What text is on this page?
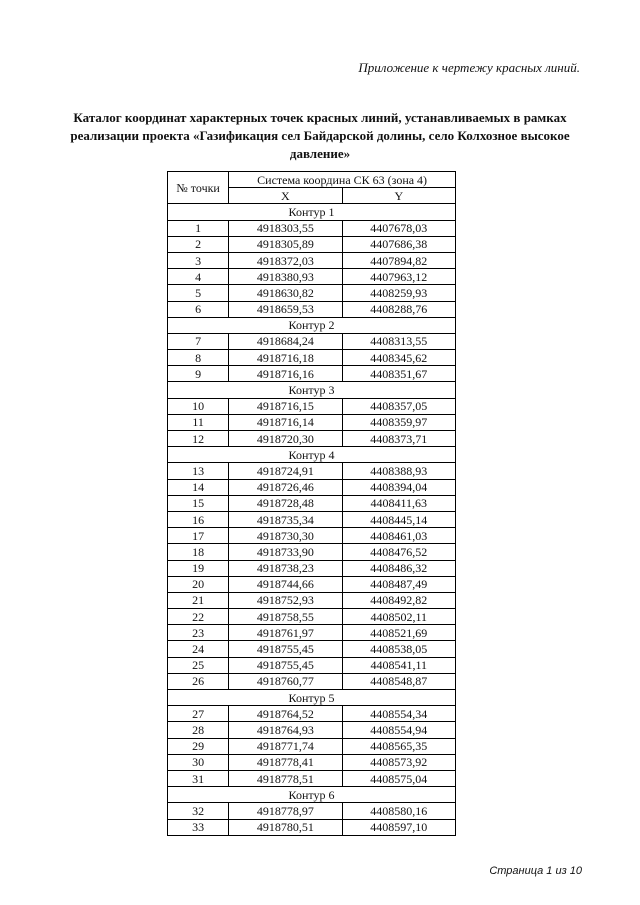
Приложение к чертежу красных линий.
Каталог координат характерных точек красных линий, устанавливаемых в рамках реализации проекта «Газификация сел Байдарской долины, село Колхозное высокое давление»
№ точки	Система координа СК 63 (зона 4)	
	X	Y
Контур 1		
1	4918303,55	4407678,03
2	4918305,89	4407686,38
3	4918372,03	4407894,82
4	4918380,93	4407963,12
5	4918630,82	4408259,93
6	4918659,53	4408288,76
Контур 2		
7	4918684,24	4408313,55
8	4918716,18	4408345,62
9	4918716,16	4408351,67
Контур 3		
10	4918716,15	4408357,05
11	4918716,14	4408359,97
12	4918720,30	4408373,71
Контур 4		
13	4918724,91	4408388,93
14	4918726,46	4408394,04
15	4918728,48	4408411,63
16	4918735,34	4408445,14
17	4918730,30	4408461,03
18	4918733,90	4408476,52
19	4918738,23	4408486,32
20	4918744,66	4408487,49
21	4918752,93	4408492,82
22	4918758,55	4408502,11
23	4918761,97	4408521,69
24	4918755,45	4408538,05
25	4918755,45	4408541,11
26	4918760,77	4408548,87
Контур 5		
27	4918764,52	4408554,34
28	4918764,93	4408554,94
29	4918771,74	4408565,35
30	4918778,41	4408573,92
31	4918778,51	4408575,04
Контур 6		
32	4918778,97	4408580,16
33	4918780,51	4408597,10
Страница 1 из 10
